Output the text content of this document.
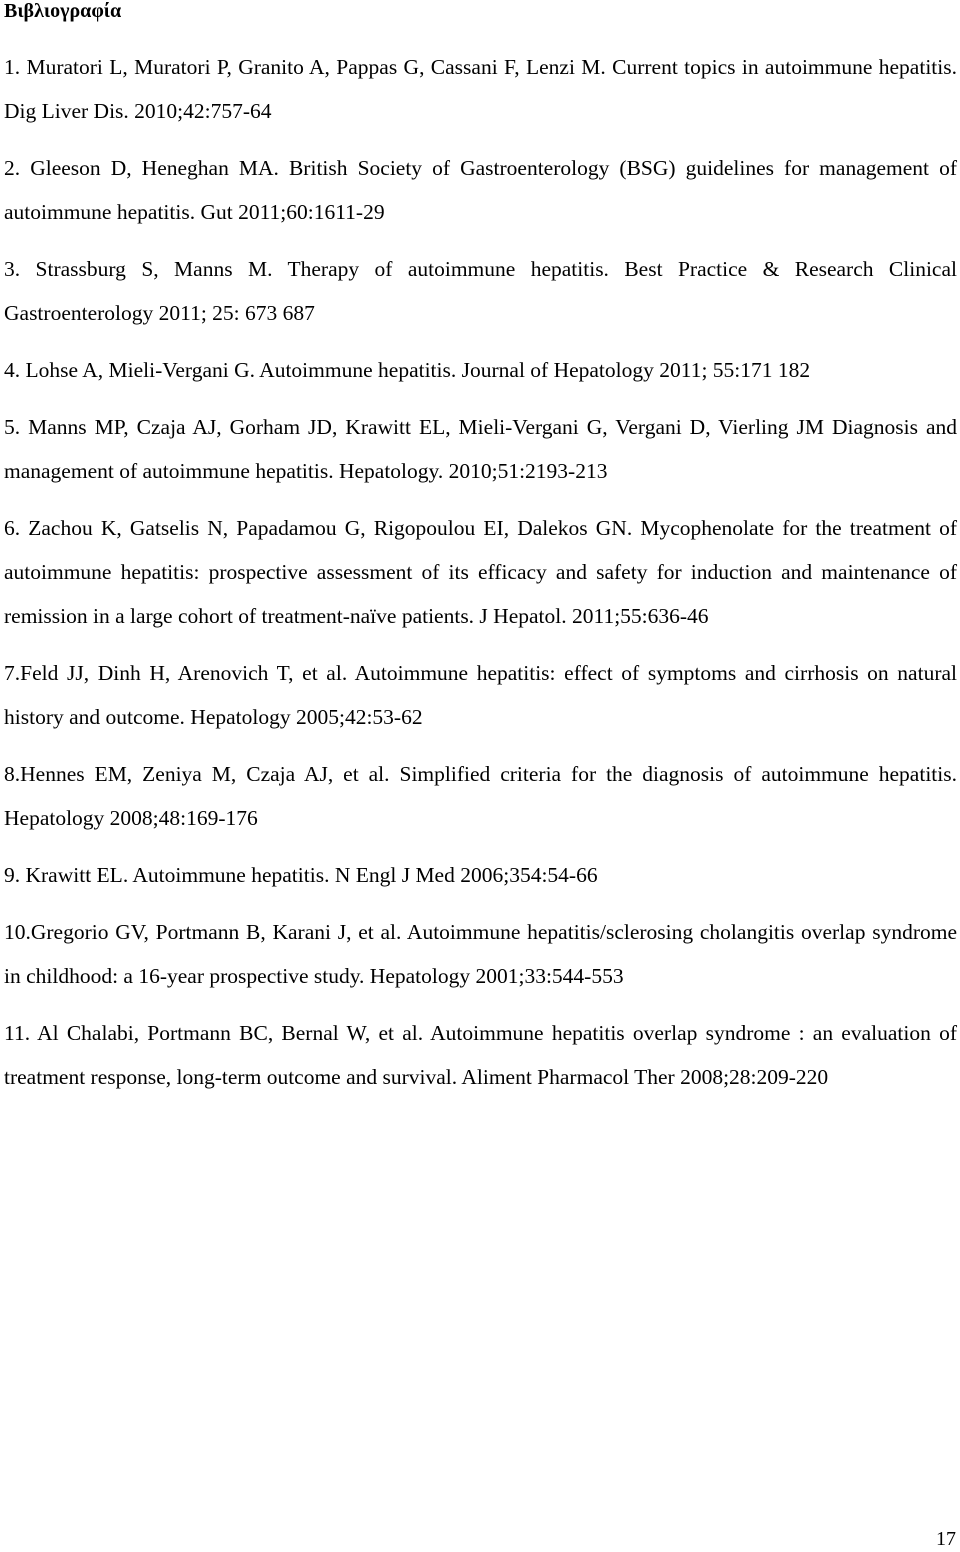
Βιβλιογραφία
1. Muratori L, Muratori P, Granito A, Pappas G, Cassani F, Lenzi M. Current topics in autoimmune hepatitis. Dig Liver Dis. 2010;42:757-64
2. Gleeson D, Heneghan MA. British Society of Gastroenterology (BSG) guidelines for management of autoimmune hepatitis. Gut 2011;60:1611-29
3. Strassburg S, Manns M. Therapy of autoimmune hepatitis. Best Practice & Research Clinical Gastroenterology 2011; 25: 673 687
4. Lohse A, Mieli-Vergani G. Autoimmune hepatitis. Journal of Hepatology 2011; 55:171 182
5. Manns MP, Czaja AJ, Gorham JD, Krawitt EL, Mieli-Vergani G, Vergani D, Vierling JM Diagnosis and management of autoimmune hepatitis. Hepatology. 2010;51:2193-213
6. Zachou K, Gatselis N, Papadamou G, Rigopoulou EI, Dalekos GN. Mycophenolate for the treatment of autoimmune hepatitis: prospective assessment of its efficacy and safety for induction and maintenance of remission in a large cohort of treatment-naïve patients. J Hepatol. 2011;55:636-46
7.Feld JJ, Dinh H, Arenovich T, et al. Autoimmune hepatitis: effect of symptoms and cirrhosis on natural history and outcome. Hepatology 2005;42:53-62
8.Hennes EM, Zeniya M, Czaja AJ, et al. Simplified criteria for the diagnosis of autoimmune hepatitis. Hepatology 2008;48:169-176
9. Krawitt EL. Autoimmune hepatitis. N Engl J Med 2006;354:54-66
10.Gregorio GV, Portmann B, Karani J, et al. Autoimmune hepatitis/sclerosing cholangitis overlap syndrome in childhood: a 16-year prospective study. Hepatology 2001;33:544-553
11. Al Chalabi, Portmann BC, Bernal W, et al. Autoimmune hepatitis overlap syndrome : an evaluation of treatment response, long-term outcome and survival. Aliment Pharmacol Ther 2008;28:209-220
17
